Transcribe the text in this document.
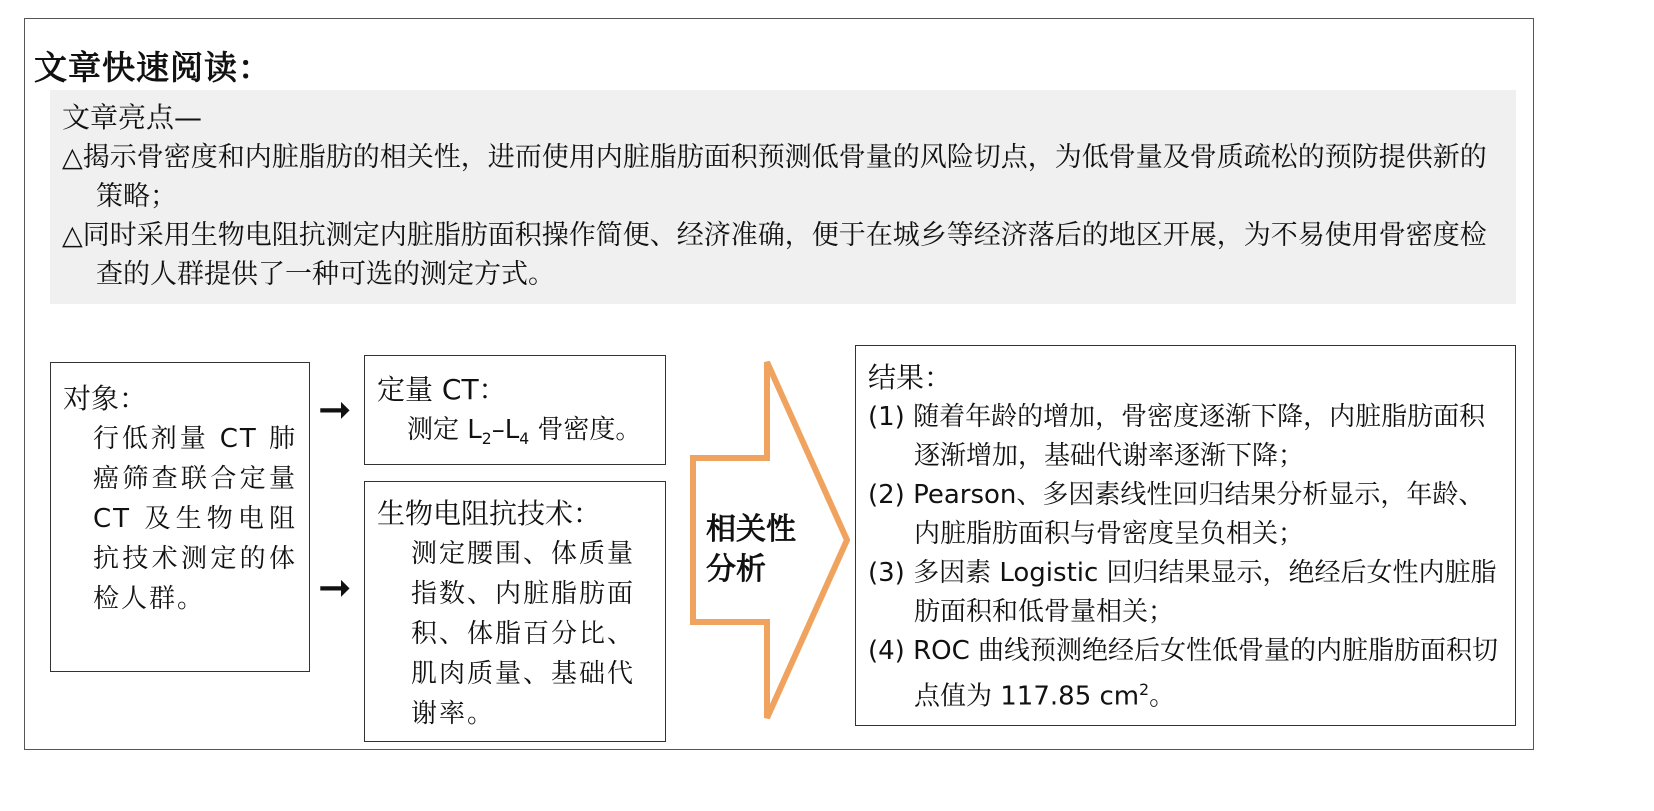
文章快速阅读：
文章亮点—
△揭示骨密度和内脏脂肪的相关性，进而使用内脏脂肪面积预测低骨量的风险切点，为低骨量及骨质疏松的预防提供新的策略；
△同时采用生物电阻抗测定内脏脂肪面积操作简便、经济准确，便于在城乡等经济落后的地区开展，为不易使用骨密度检查的人群提供了一种可选的测定方式。
对象：
行低剂量 CT 肺癌筛查联合定量 CT 及生物电阻抗技术测定的体检人群。
➞
➞
定量 CT：
测定 $L_2-L_4$ 骨密度。
生物电阻抗技术：
测定腰围、体质量指数、内脏脂肪面积、体脂百分比、肌肉质量、基础代谢率。
相关性
分析
结果：
(1) 随着年龄的增加，骨密度逐渐下降，内脏脂肪面积逐渐增加，基础代谢率逐渐下降；
(2) Pearson、多因素线性回归结果分析显示，年龄、内脏脂肪面积与骨密度呈负相关；
(3) 多因素 Logistic 回归结果显示，绝经后女性内脏脂肪面积和低骨量相关；
(4) ROC 曲线预测绝经后女性低骨量的内脏脂肪面积切点值为 117.85 $cm^2$。
